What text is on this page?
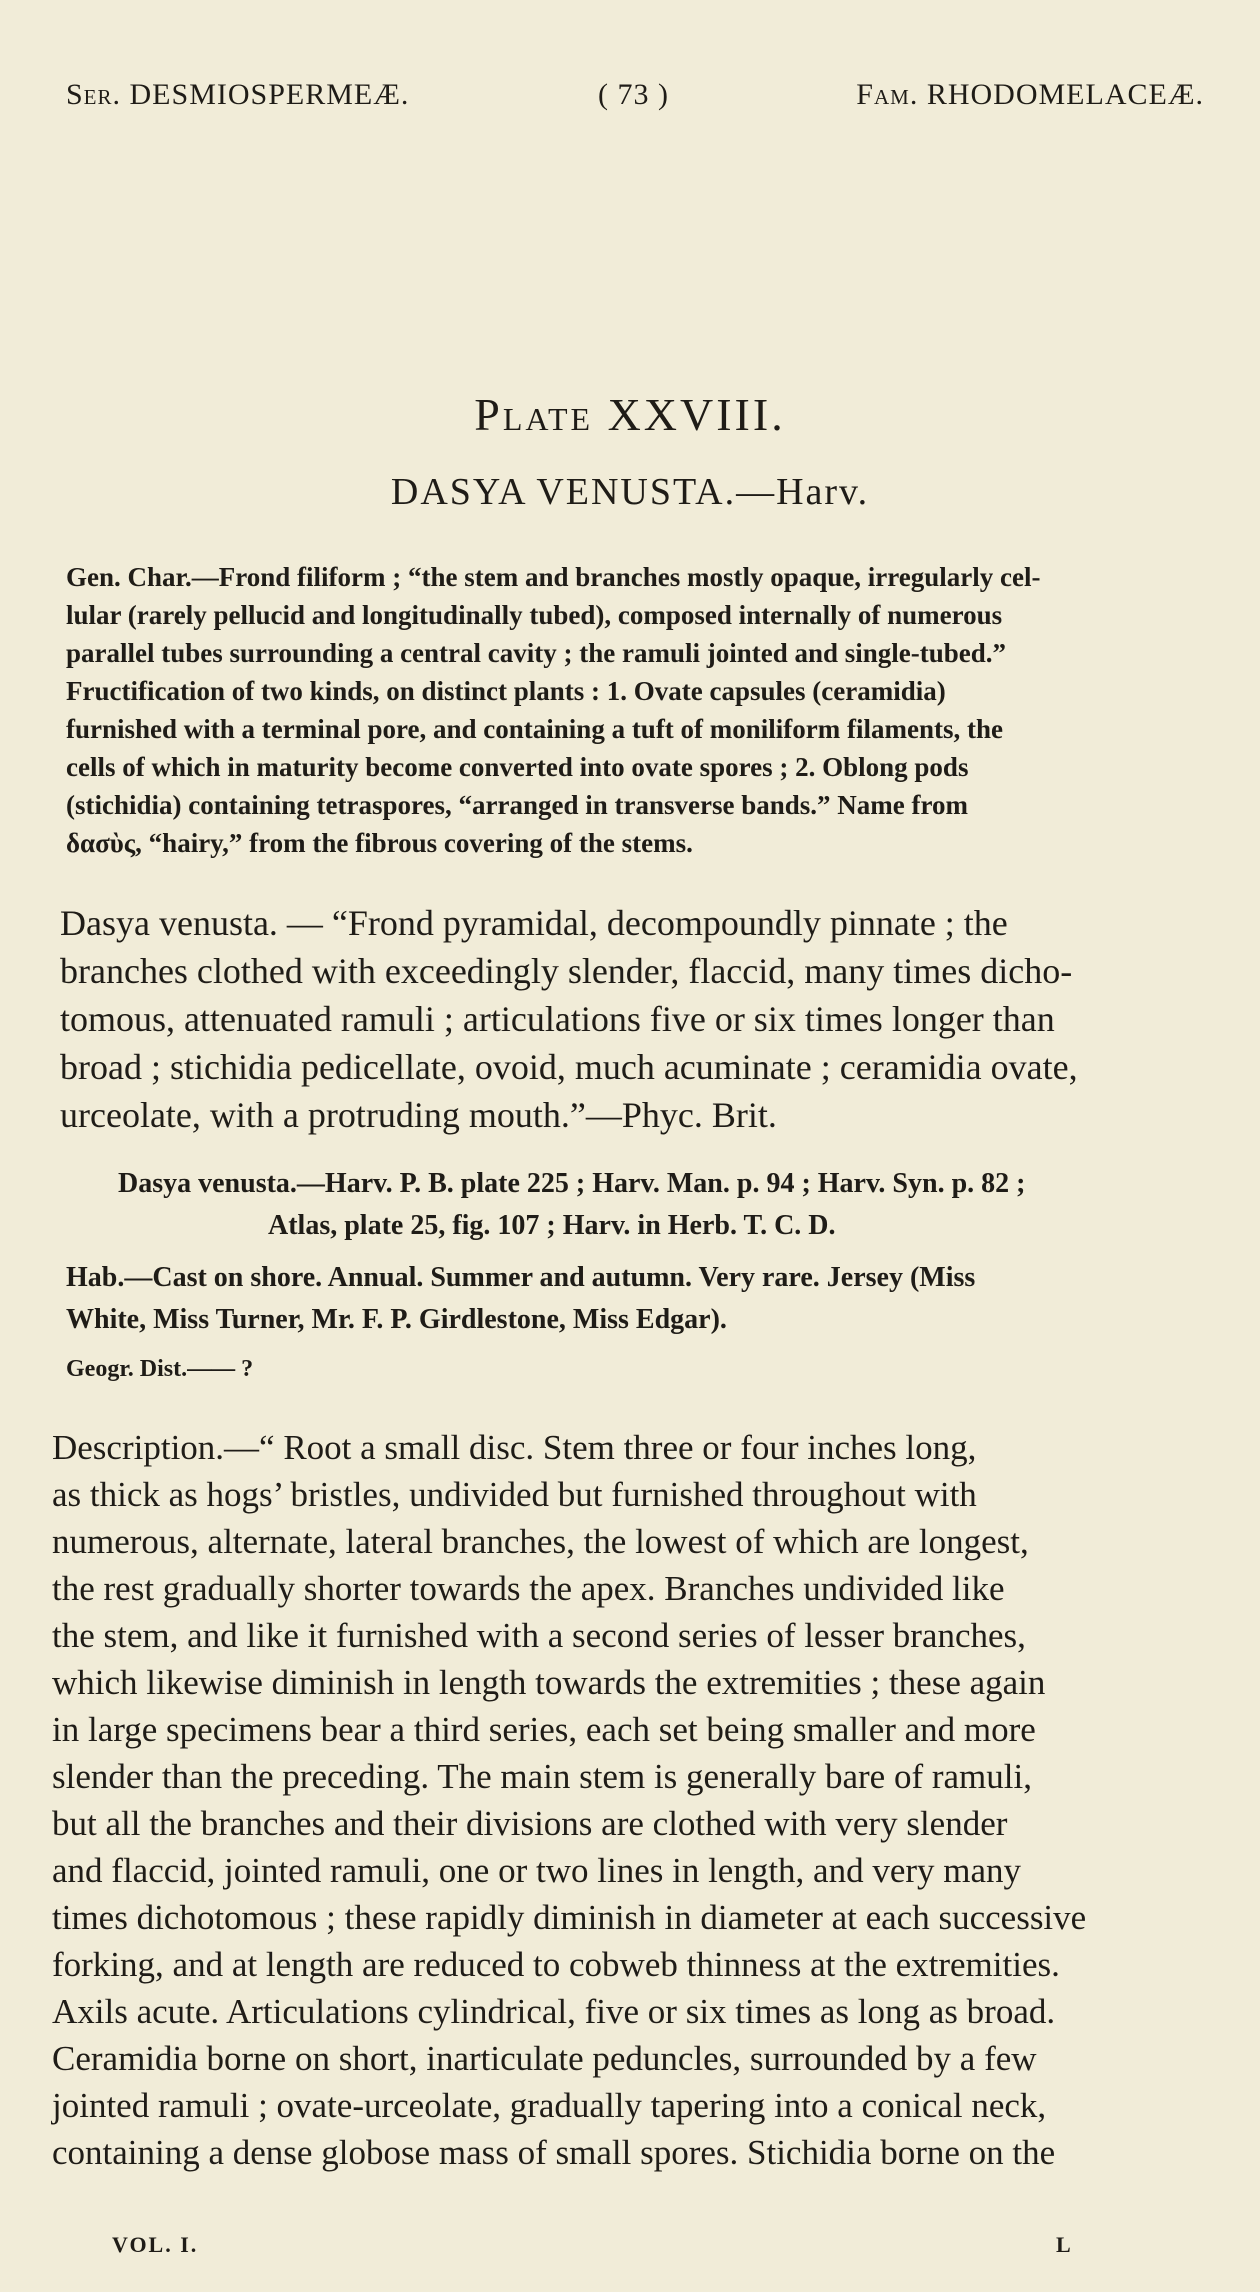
Ser. DESMIOSPERMEÆ.	( 73 )	Fam. RHODOMELACEÆ.
Plate XXVIII.
DASYA VENUSTA.—Harv.
Gen. Char.—Frond filiform ; “the stem and branches mostly opaque, irregularly cel-
lular (rarely pellucid and longitudinally tubed), composed internally of numerous
parallel tubes surrounding a central cavity ; the ramuli jointed and single-tubed.”
Fructification of two kinds, on distinct plants : 1. Ovate capsules (ceramidia)
furnished with a terminal pore, and containing a tuft of moniliform filaments, the
cells of which in maturity become converted into ovate spores ; 2. Oblong pods
(stichidia) containing tetraspores, “arranged in transverse bands.” Name from
δασὺς, “hairy,” from the fibrous covering of the stems.
Dasya venusta. — “Frond pyramidal, decompoundly pinnate ; the
branches clothed with exceedingly slender, flaccid, many times dicho-
tomous, attenuated ramuli ; articulations five or six times longer than
broad ; stichidia pedicellate, ovoid, much acuminate ; ceramidia ovate,
urceolate, with a protruding mouth.”—Phyc. Brit.
Dasya venusta.—Harv. P. B. plate 225 ; Harv. Man. p. 94 ; Harv. Syn. p. 82 ;
Atlas, plate 25, fig. 107 ; Harv. in Herb. T. C. D.
Hab.—Cast on shore. Annual. Summer and autumn. Very rare. Jersey (Miss
White, Miss Turner, Mr. F. P. Girdlestone, Miss Edgar).
Geogr. Dist.—— ?
Description.—“ Root a small disc. Stem three or four inches long,
as thick as hogs’ bristles, undivided but furnished throughout with
numerous, alternate, lateral branches, the lowest of which are longest,
the rest gradually shorter towards the apex. Branches undivided like
the stem, and like it furnished with a second series of lesser branches,
which likewise diminish in length towards the extremities ; these again
in large specimens bear a third series, each set being smaller and more
slender than the preceding. The main stem is generally bare of ramuli,
but all the branches and their divisions are clothed with very slender
and flaccid, jointed ramuli, one or two lines in length, and very many
times dichotomous ; these rapidly diminish in diameter at each successive
forking, and at length are reduced to cobweb thinness at the extremities.
Axils acute. Articulations cylindrical, five or six times as long as broad.
Ceramidia borne on short, inarticulate peduncles, surrounded by a few
jointed ramuli ; ovate-urceolate, gradually tapering into a conical neck,
containing a dense globose mass of small spores. Stichidia borne on the
VOL. I.	L
